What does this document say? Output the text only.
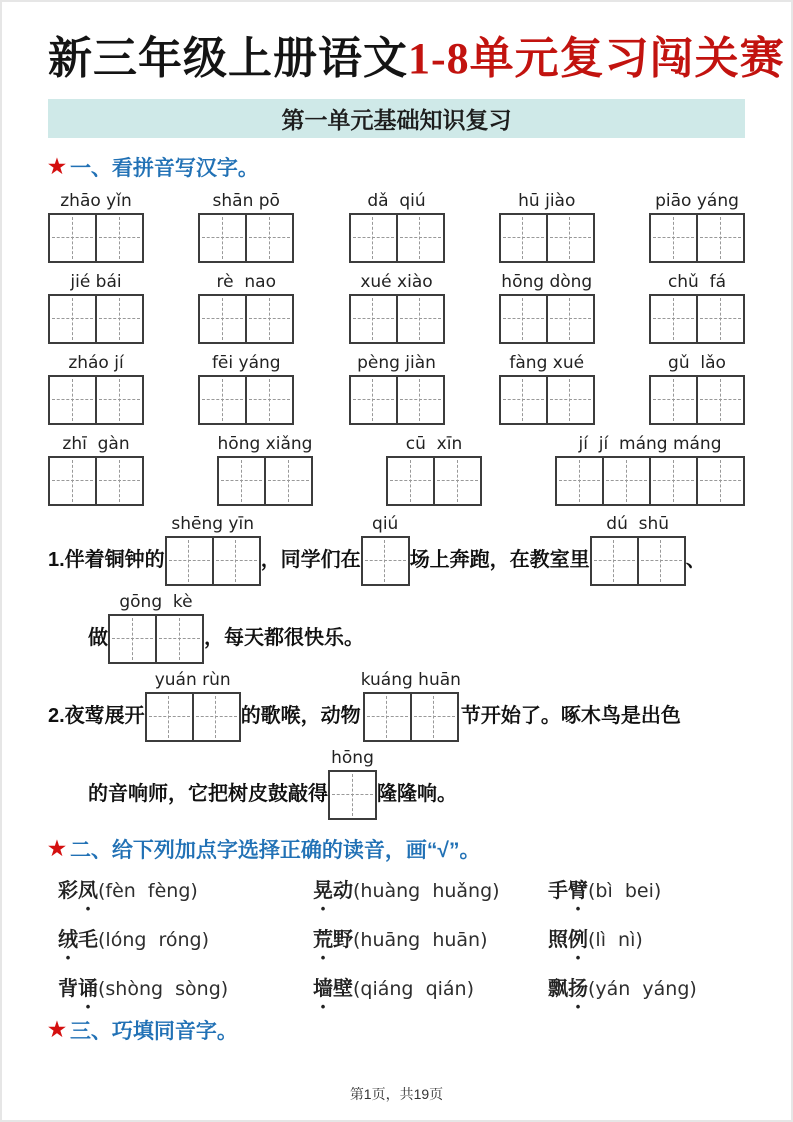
新三年级上册语文1-8单元复习闯关赛
第一单元基础知识复习
★ 一、看拼音写汉字。
zhāo yǐn	shān pō	dǎ  qiú	hū jiào	piāo yáng
jié bái	rè  nao	xué xiào	hōng dòng	chǔ  fá
zháo jí	fēi yáng	pèng jiàn	fàng xué	gǔ  lǎo
zhī  gàn	hōng xiǎng	cū  xīn	jí  jí  máng máng
1.伴着铜钟的
shēng yīn
，同学们在
qiú
场上奔跑，在教室里
dú  shū
、
做
gōng  kè
，每天都很快乐。
2.夜莺展开
yuán rùn
的歌喉，动物
kuáng huān
节开始了。啄木鸟是出色
的音响师，它把树皮鼓敲得
hōng
隆隆响。
★ 二、给下列加点字选择正确的读音，画“√”。
彩凤(fèn  fèng)	晃动(huàng  huǎng)	手臂(bì  bei)
绒毛(lóng  róng)	荒野(huāng  huān)	照例(lì  nì)
背诵(shòng  sòng)	墙壁(qiáng  qián)	飘扬(yán  yáng)
★ 三、巧填同音字。
第1页，共19页
